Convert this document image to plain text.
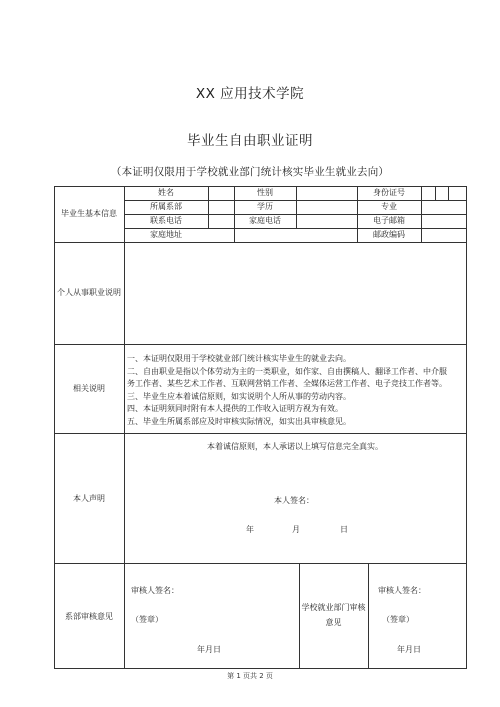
XX 应用技术学院
毕业生自由职业证明
（本证明仅限用于学校就业部门统计核实毕业生就业去向）
毕业生基本信息
姓名	性别	身份证号
所属系部	学历	专业
联系电话	家庭电话	电子邮箱
家庭地址	邮政编码
个人从事职业说明
相关说明
一、本证明仅限用于学校就业部门统计核实毕业生的就业去向。
二、自由职业是指以个体劳动为主的一类职业，如作家、自由撰稿人、翻译工作者、中介服
务工作者、某些艺术工作者、互联网营销工作者、全媒体运营工作者、电子竞技工作者等。
三、毕业生应本着诚信原则，如实说明个人所从事的劳动内容。
四、本证明须同时附有本人提供的工作收入证明方视为有效。
五、毕业生所属系部应及时审核实际情况，如实出具审核意见。
本人声明
本着诚信原则，本人承诺以上填写信息完全真实。
本人签名：
年	月	日
系部审核意见
审核人签名：
（签章）
年月日
学校就业部门审核
意见
审核人签名：
（签章）
年月日
第 1 页共 2 页
